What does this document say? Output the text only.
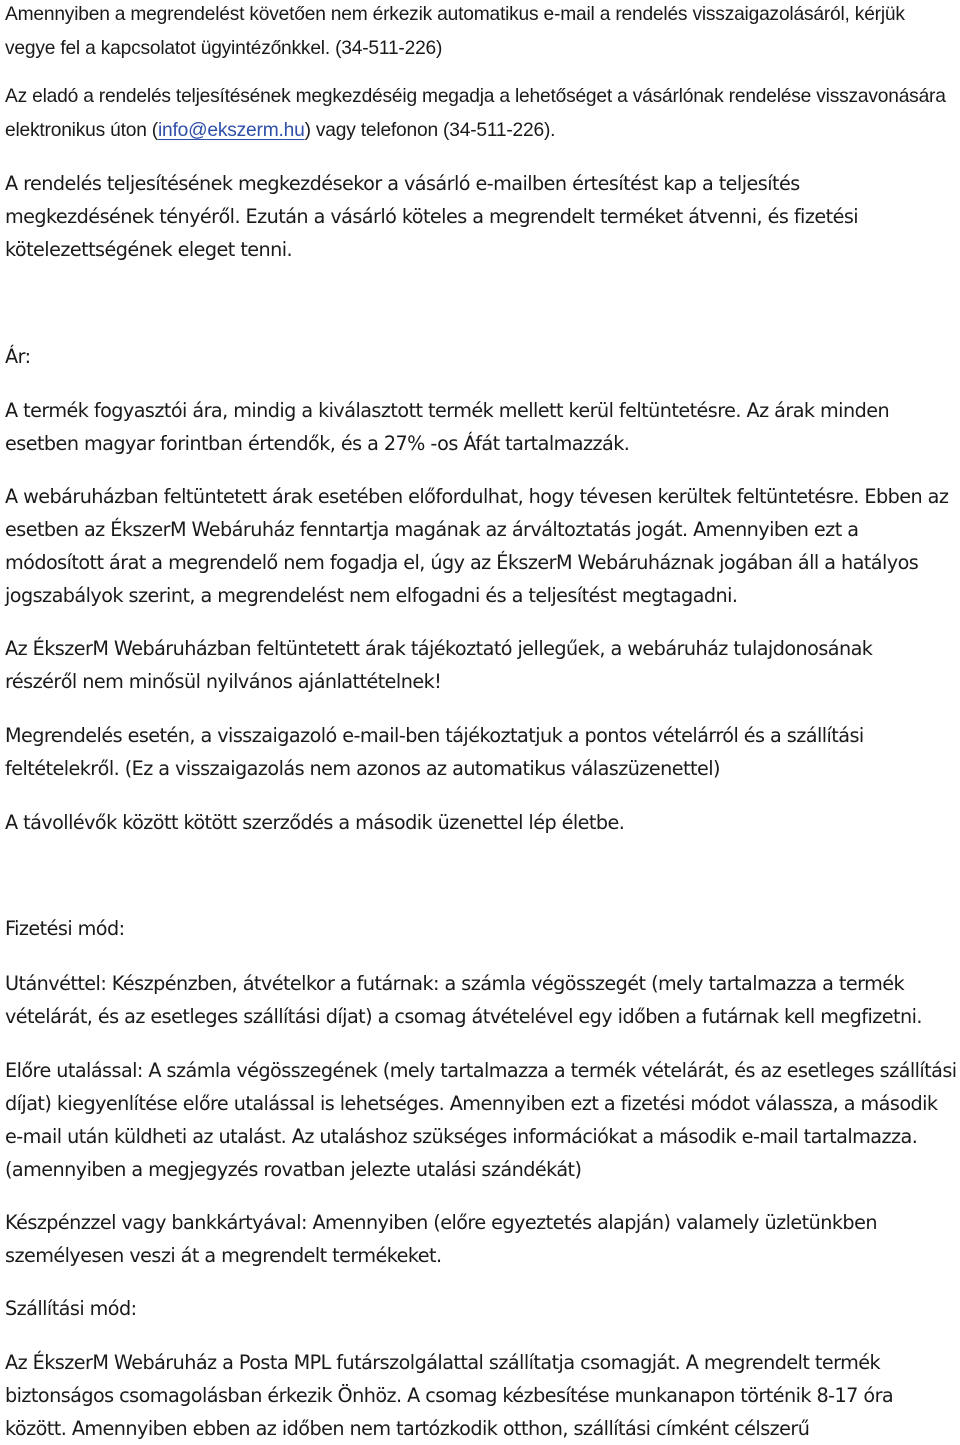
Amennyiben a megrendelést követően nem érkezik automatikus e-mail a rendelés visszaigazolásáról, kérjük vegye fel a kapcsolatot ügyintézőnkkel. (34-511-226)

Az eladó a rendelés teljesítésének megkezdéséig megadja a lehetőséget a vásárlónak rendelése visszavonására elektronikus úton (info@ekszerm.hu) vagy telefonon (34-511-226).

A rendelés teljesítésének megkezdésekor a vásárló e-mailben értesítést kap a teljesítés megkezdésének tényéről. Ezután a vásárló köteles a megrendelt terméket átvenni, és fizetési kötelezettségének eleget tenni.

Ár:

A termék fogyasztói ára, mindig a kiválasztott termék mellett kerül feltüntetésre. Az árak minden esetben magyar forintban értendők, és a 27% -os Áfát tartalmazzák.

A webáruházban feltüntetett árak esetében előfordulhat, hogy tévesen kerültek feltüntetésre. Ebben az esetben az ÉkszerM Webáruház fenntartja magának az árváltoztatás jogát. Amennyiben ezt a módosított árat a megrendelő nem fogadja el, úgy az ÉkszerM Webáruháznak jogában áll a hatályos jogszabályok szerint, a megrendelést nem elfogadni és a teljesítést megtagadni.

Az ÉkszerM Webáruházban feltüntetett árak tájékoztató jellegűek, a webáruház tulajdonosának részéről nem minősül nyilvános ajánlattételnek!

Megrendelés esetén, a visszaigazoló e-mail-ben tájékoztatjuk a pontos vételárról és a szállítási feltételekről. (Ez a visszaigazolás nem azonos az automatikus válaszüzenettel)

A távollévők között kötött szerződés a második üzenettel lép életbe.

Fizetési mód:

Utánvéttel: Készpénzben, átvételkor a futárnak: a számla végösszegét (mely tartalmazza a termék vételárát, és az esetleges szállítási díjat) a csomag átvételével egy időben a futárnak kell megfizetni.

Előre utalással: A számla végösszegének (mely tartalmazza a termék vételárát, és az esetleges szállítási díjat) kiegyenlítése előre utalással is lehetséges. Amennyiben ezt a fizetési módot válassza, a második e-mail után küldheti az utalást. Az utaláshoz szükséges információkat a második e-mail tartalmazza. (amennyiben a megjegyzés rovatban jelezte utalási szándékát)

Készpénzzel vagy bankkártyával: Amennyiben (előre egyeztetés alapján) valamely üzletünkben személyesen veszi át a megrendelt termékeket.

Szállítási mód:

Az ÉkszerM Webáruház a Posta MPL futárszolgálattal szállítatja csomagját. A megrendelt termék biztonságos csomagolásban érkezik Önhöz. A csomag kézbesítése munkanapon történik 8-17 óra között. Amennyiben ebben az időben nem tartózkodik otthon, szállítási címként célszerű
